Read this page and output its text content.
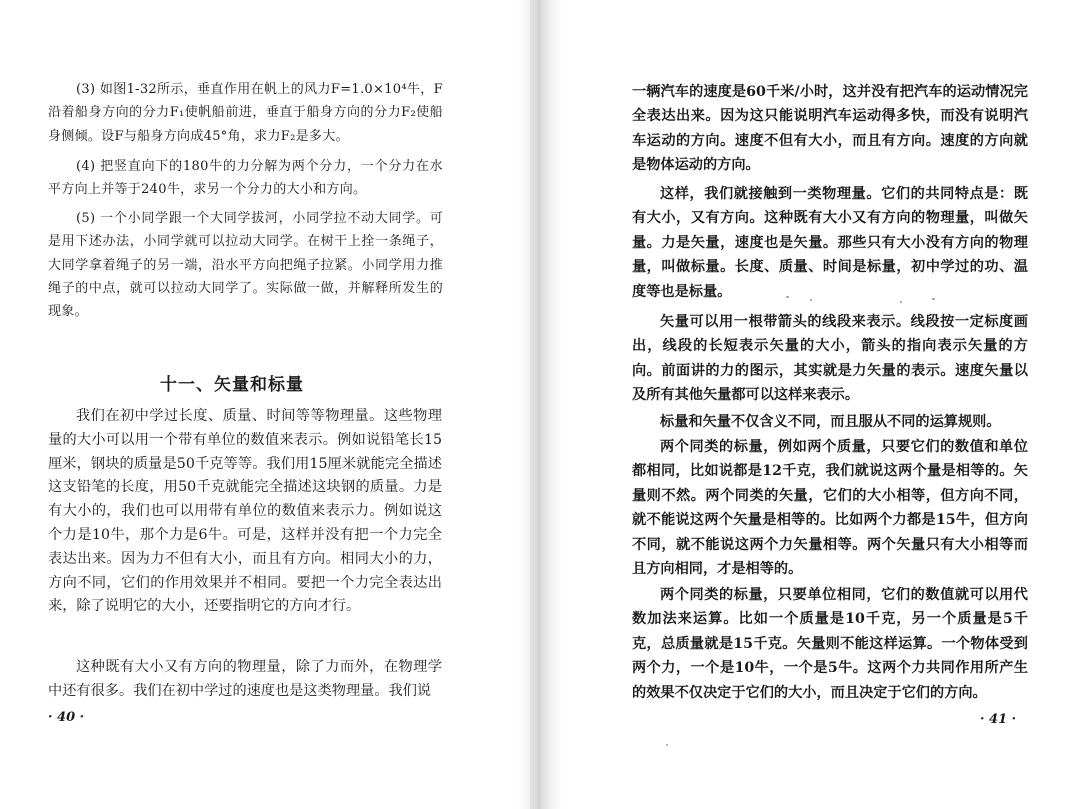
(3) 如图1-32所示，垂直作用在帆上的风力F=1.0×10⁴牛，F沿着船身方向的分力F₁使帆船前进，垂直于船身方向的分力F₂使船身侧倾。设F与船身方向成45°角，求力F₂是多大。

(4) 把竖直向下的180牛的力分解为两个分力，一个分力在水平方向上并等于240牛，求另一个分力的大小和方向。

(5) 一个小同学跟一个大同学拔河，小同学拉不动大同学。可是用下述办法，小同学就可以拉动大同学。在树干上拴一条绳子，大同学拿着绳子的另一端，沿水平方向把绳子拉紧。小同学用力推绳子的中点，就可以拉动大同学了。实际做一做，并解释所发生的现象。

十一、矢量和标量

我们在初中学过长度、质量、时间等等物理量。这些物理量的大小可以用一个带有单位的数值来表示。例如说铅笔长15厘米，钢块的质量是50千克等等。我们用15厘米就能完全描述这支铅笔的长度，用50千克就能完全描述这块钢的质量。力是有大小的，我们也可以用带有单位的数值来表示力。例如说这个力是10牛，那个力是6牛。可是，这样并没有把一个力完全表达出来。因为力不但有大小，而且有方向。相同大小的力，方向不同，它们的作用效果并不相同。要把一个力完全表达出来，除了说明它的大小，还要指明它的方向才行。

这种既有大小又有方向的物理量，除了力而外，在物理学中还有很多。我们在初中学过的速度也是这类物理量。我们说

· 40 ·

一辆汽车的速度是60千米/小时，这并没有把汽车的运动情况完全表达出来。因为这只能说明汽车运动得多快，而没有说明汽车运动的方向。速度不但有大小，而且有方向。速度的方向就是物体运动的方向。

这样，我们就接触到一类物理量。它们的共同特点是：既有大小，又有方向。这种既有大小又有方向的物理量，叫做矢量。力是矢量，速度也是矢量。那些只有大小没有方向的物理量，叫做标量。长度、质量、时间是标量，初中学过的功、温度等也是标量。

矢量可以用一根带箭头的线段来表示。线段按一定标度画出，线段的长短表示矢量的大小，箭头的指向表示矢量的方向。前面讲的力的图示，其实就是力矢量的表示。速度矢量以及所有其他矢量都可以这样来表示。

标量和矢量不仅含义不同，而且服从不同的运算规则。

两个同类的标量，例如两个质量，只要它们的数值和单位都相同，比如说都是12千克，我们就说这两个量是相等的。矢量则不然。两个同类的矢量，它们的大小相等，但方向不同，就不能说这两个矢量是相等的。比如两个力都是15牛，但方向不同，就不能说这两个力矢量相等。两个矢量只有大小相等而且方向相同，才是相等的。

两个同类的标量，只要单位相同，它们的数值就可以用代数加法来运算。比如一个质量是10千克，另一个质量是5千克，总质量就是15千克。矢量则不能这样运算。一个物体受到两个力，一个是10牛，一个是5牛。这两个力共同作用所产生的效果不仅决定于它们的大小，而且决定于它们的方向。

· 41 ·
